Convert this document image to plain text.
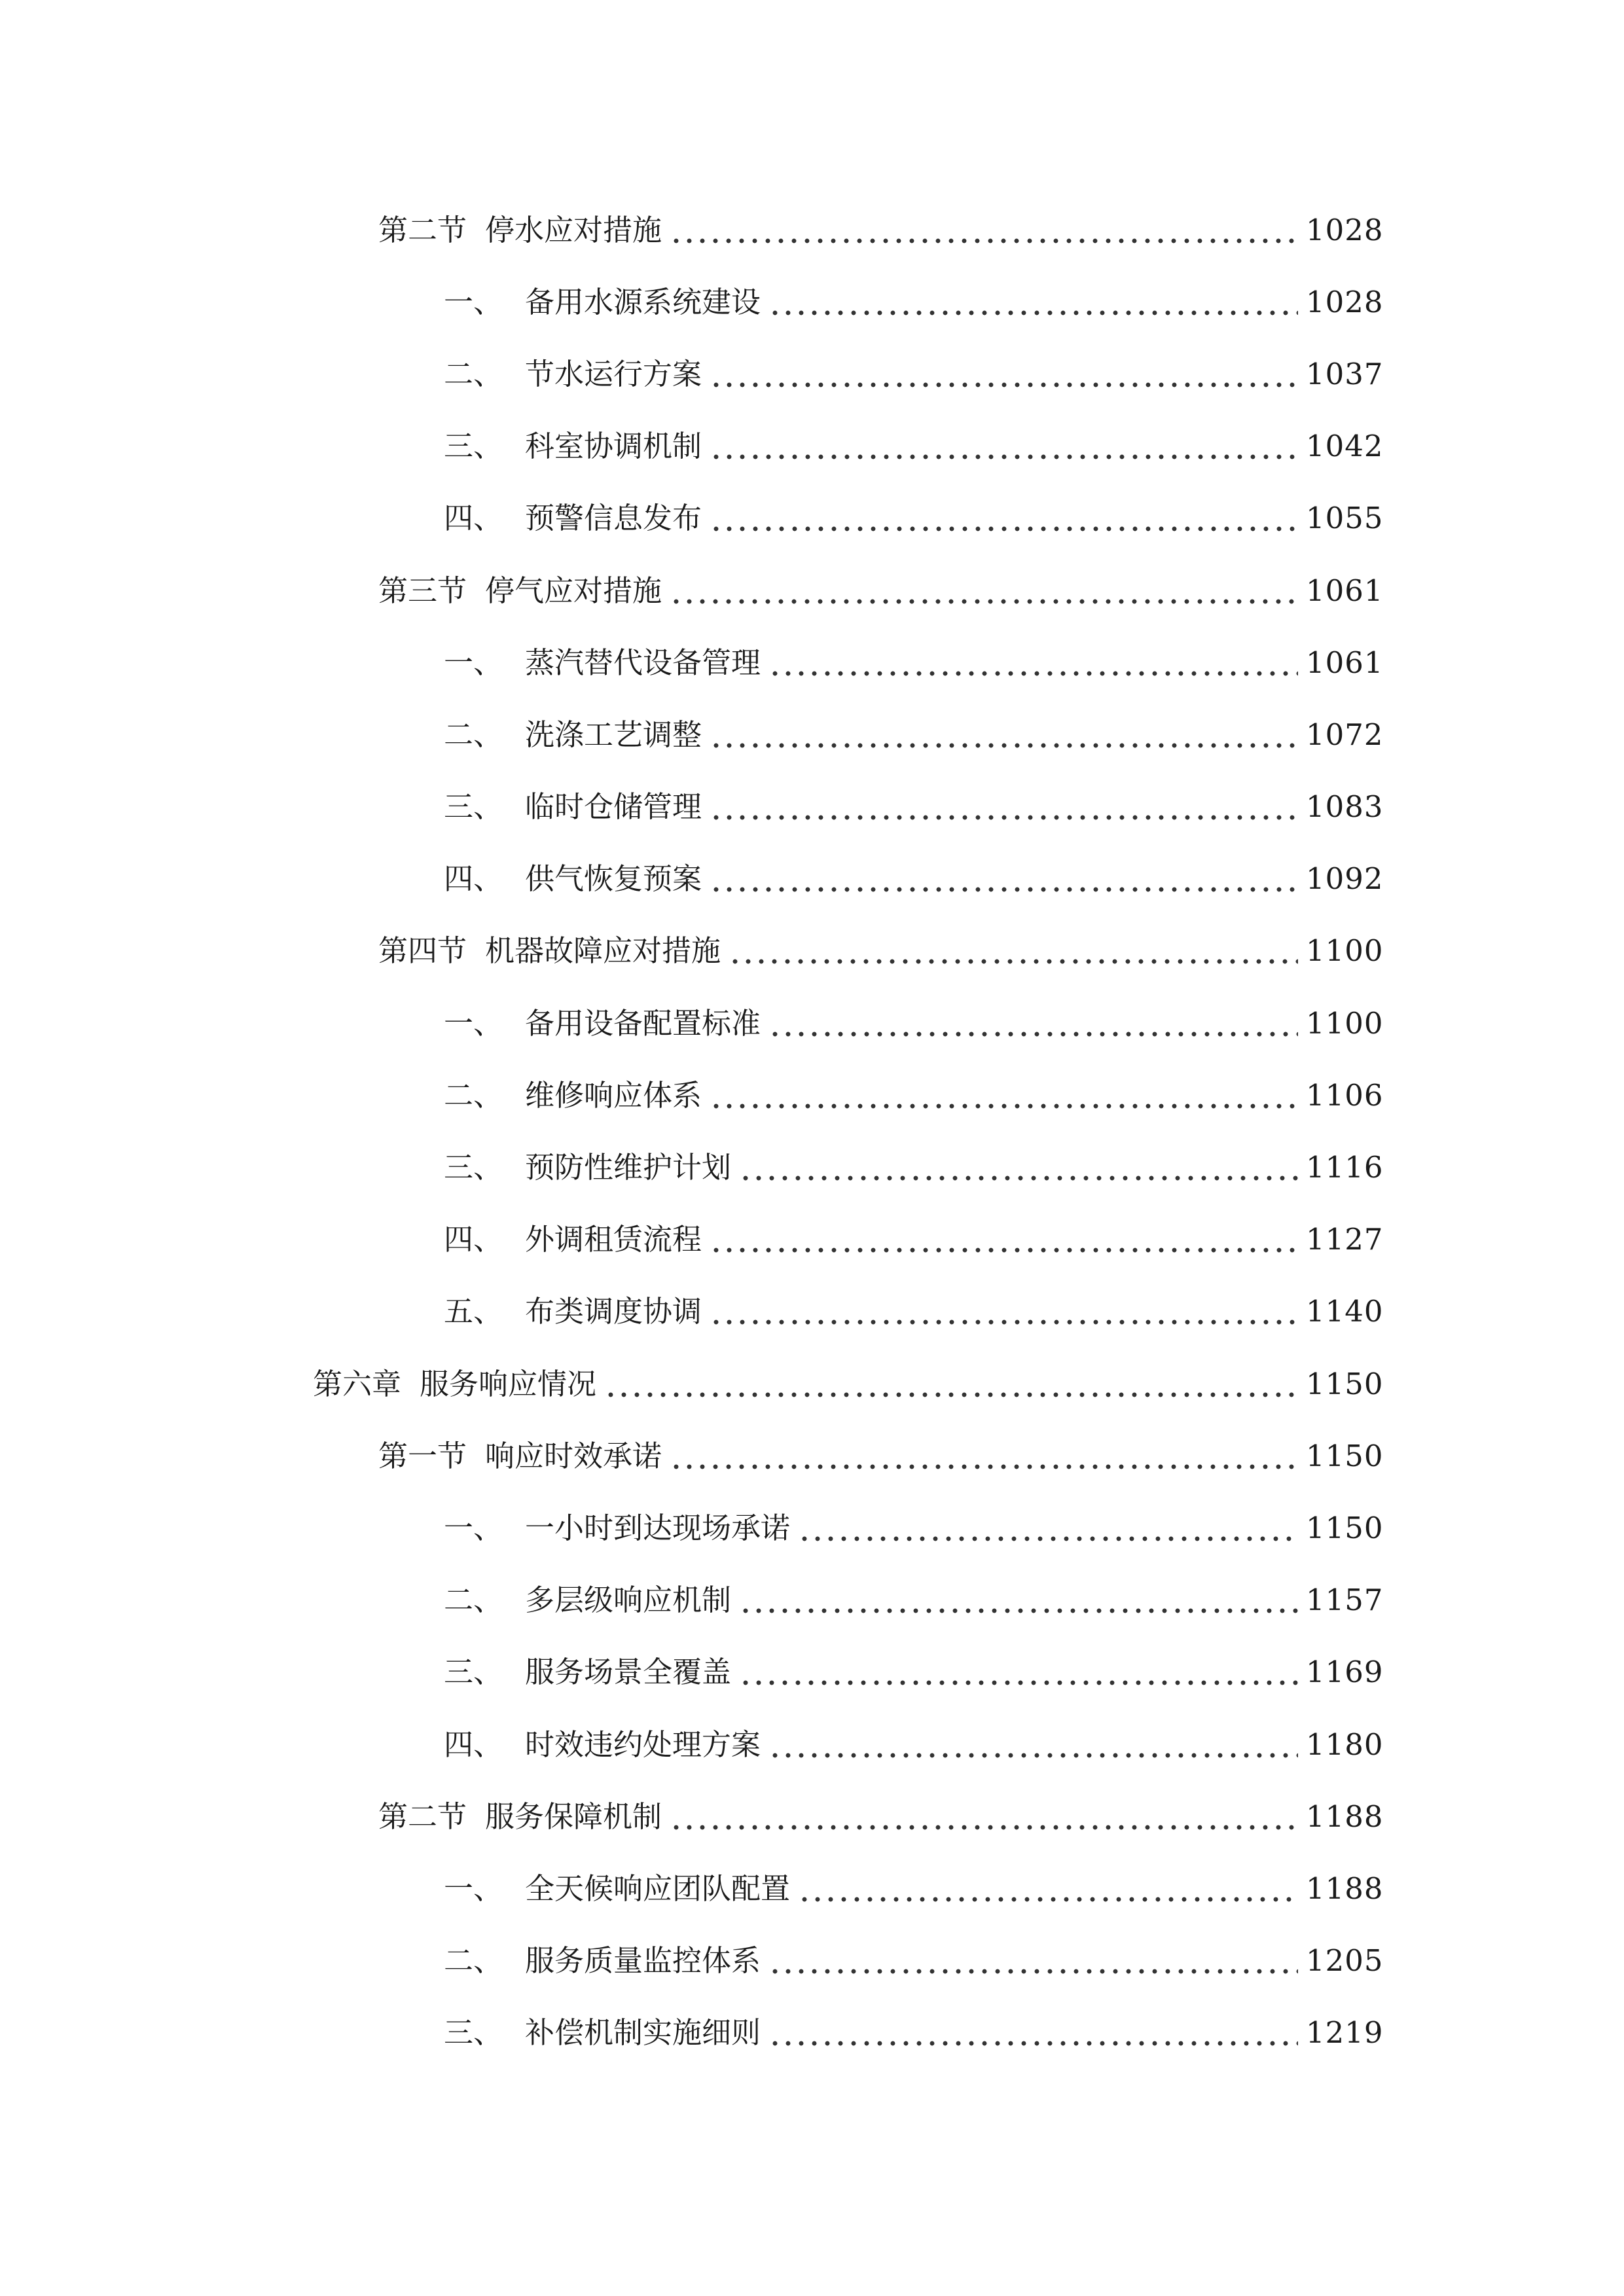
第二节 停水应对措施	1028
一、 备用水源系统建设	1028
二、 节水运行方案	1037
三、 科室协调机制	1042
四、 预警信息发布	1055
第三节 停气应对措施	1061
一、 蒸汽替代设备管理	1061
二、 洗涤工艺调整	1072
三、 临时仓储管理	1083
四、 供气恢复预案	1092
第四节 机器故障应对措施	1100
一、 备用设备配置标准	1100
二、 维修响应体系	1106
三、 预防性维护计划	1116
四、 外调租赁流程	1127
五、 布类调度协调	1140
第六章 服务响应情况	1150
第一节 响应时效承诺	1150
一、 一小时到达现场承诺	1150
二、 多层级响应机制	1157
三、 服务场景全覆盖	1169
四、 时效违约处理方案	1180
第二节 服务保障机制	1188
一、 全天候响应团队配置	1188
二、 服务质量监控体系	1205
三、 补偿机制实施细则	1219
